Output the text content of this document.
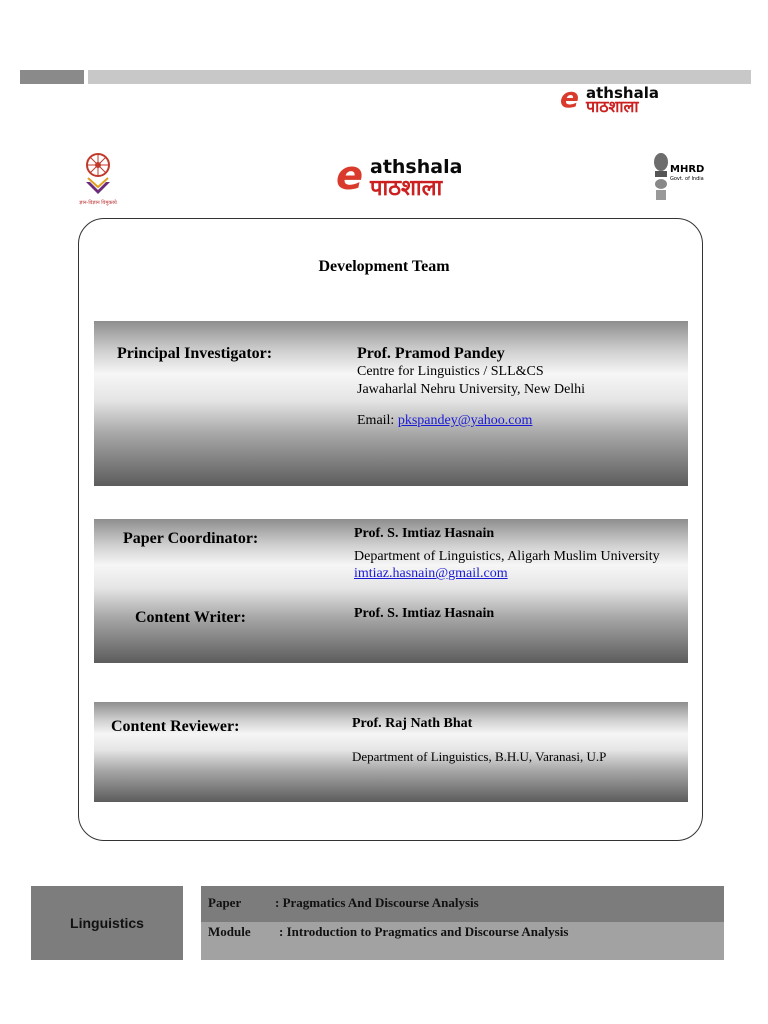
e athshala
पाठशाला
ज्ञान-विज्ञान विमुक्तये
e athshala
पाठशाला
MHRD
Govt. of India
Development Team
Principal Investigator:	Prof. Pramod Pandey
Centre for Linguistics / SLL&CS
Jawaharlal Nehru University, New Delhi
Email: pkspandey@yahoo.com
Paper Coordinator:	Prof. S. Imtiaz Hasnain
Department of Linguistics, Aligarh Muslim University
imtiaz.hasnain@gmail.com
Content Writer:	Prof. S. Imtiaz Hasnain
Content Reviewer:	Prof. Raj Nath Bhat
Department of Linguistics, B.H.U, Varanasi, U.P
Linguistics
Paper	: Pragmatics And Discourse Analysis
Module : Introduction to Pragmatics and Discourse Analysis
